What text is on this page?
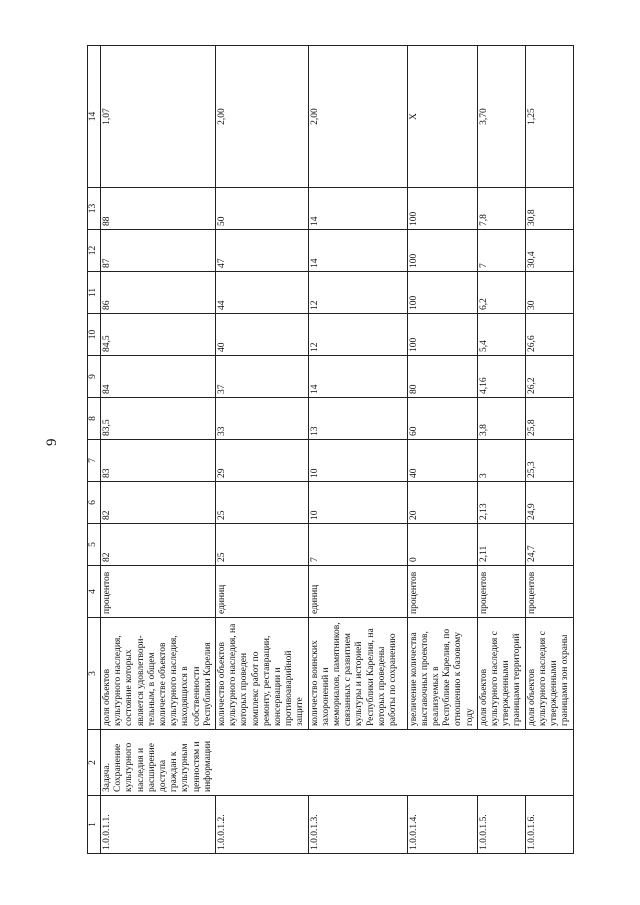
9
1	2	3	4	5	6	7	8	9	10	11	12	13	14
1.0.0.1.1.	Задача. Сохранение культурного наследия и расширение доступа граждан к культурным ценностям и информации	доля объектов культурного наследия, состояние которых является удовлетвори-тельным, в общем количестве объектов культурного наследия, находящихся в собственности Республики Карелия	процентов	82	82	83	83,5	84	84,5	86	87	88	1,07
1.0.0.1.2.		количество объектов культурного наследия, на которых проведен комплекс работ по ремонту, реставрации, консервации и противоаварийной защите	единиц	25	25	29	33	37	40	44	47	50	2,00
1.0.0.1.3.		количество воинских захоронений и мемориалов, памятников, связанных с развитием культуры и историей Республики Карелия, на которых проведены работы по сохранению	единиц	7	10	10	13	14	12	12	14	14	2,00
1.0.0.1.4.		увеличение количества выставочных проектов, реализуемых в Республике Карелия, по отношению к базовому году	процентов	0	20	40	60	80	100	100	100	100	X
1.0.0.1.5.		доля объектов культурного наследия с утвержденными границами территорий	процентов	2,11	2,13	3	3,8	4,16	5,4	6,2	7	7,8	3,70
1.0.0.1.6.		доля объектов культурного наследия с утвержденными границами зон охраны	процентов	24,7	24,9	25,3	25,8	26,2	26,6	30	30,4	30,8	1,25
